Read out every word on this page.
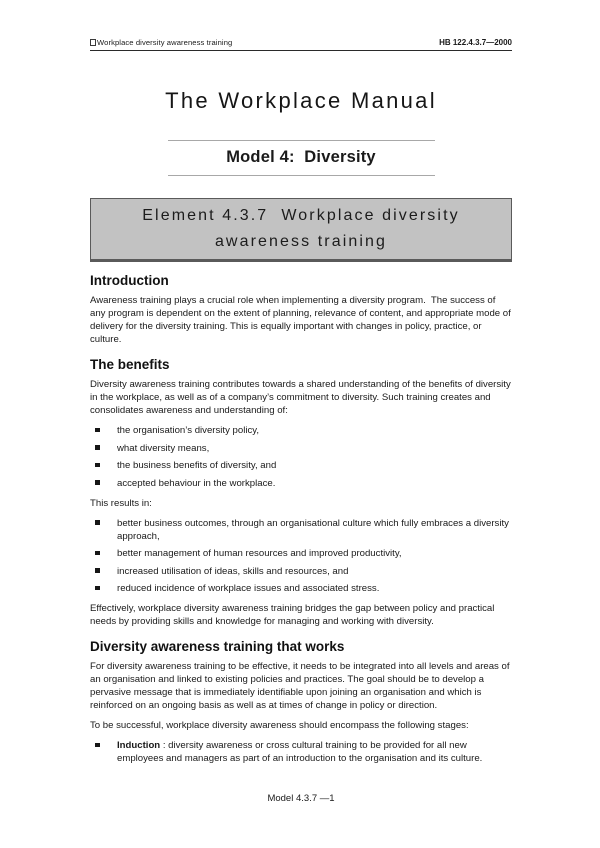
Workplace diversity awareness training	HB 122.4.3.7—2000
The Workplace Manual
Model 4:  Diversity
Element 4.3.7  Workplace diversity awareness training
Introduction

Awareness training plays a crucial role when implementing a diversity program.  The success of any program is dependent on the extent of planning, relevance of content, and appropriate mode of delivery for the diversity training. This is equally important with changes in policy, practice, or culture.

The benefits

Diversity awareness training contributes towards a shared understanding of the benefits of diversity in the workplace, as well as of a company’s commitment to diversity. Such training creates and consolidates awareness and understanding of:

the organisation’s diversity policy,
what diversity means,
the business benefits of diversity, and
accepted behaviour in the workplace.

This results in:

better business outcomes, through an organisational culture which fully embraces a diversity approach,
better management of human resources and improved productivity,
increased utilisation of ideas, skills and resources, and
reduced incidence of workplace issues and associated stress.

Effectively, workplace diversity awareness training bridges the gap between policy and practical needs by providing skills and knowledge for managing and working with diversity.

Diversity awareness training that works

For diversity awareness training to be effective, it needs to be integrated into all levels and areas of an organisation and linked to existing policies and practices. The goal should be to develop a pervasive message that is immediately identifiable upon joining an organisation and which is reinforced on an ongoing basis as well as at times of change in policy or direction.

To be successful, workplace diversity awareness should encompass the following stages:

Induction : diversity awareness or cross cultural training to be provided for all new employees and managers as part of an introduction to the organisation and its culture.
Model 4.3.7 —1
